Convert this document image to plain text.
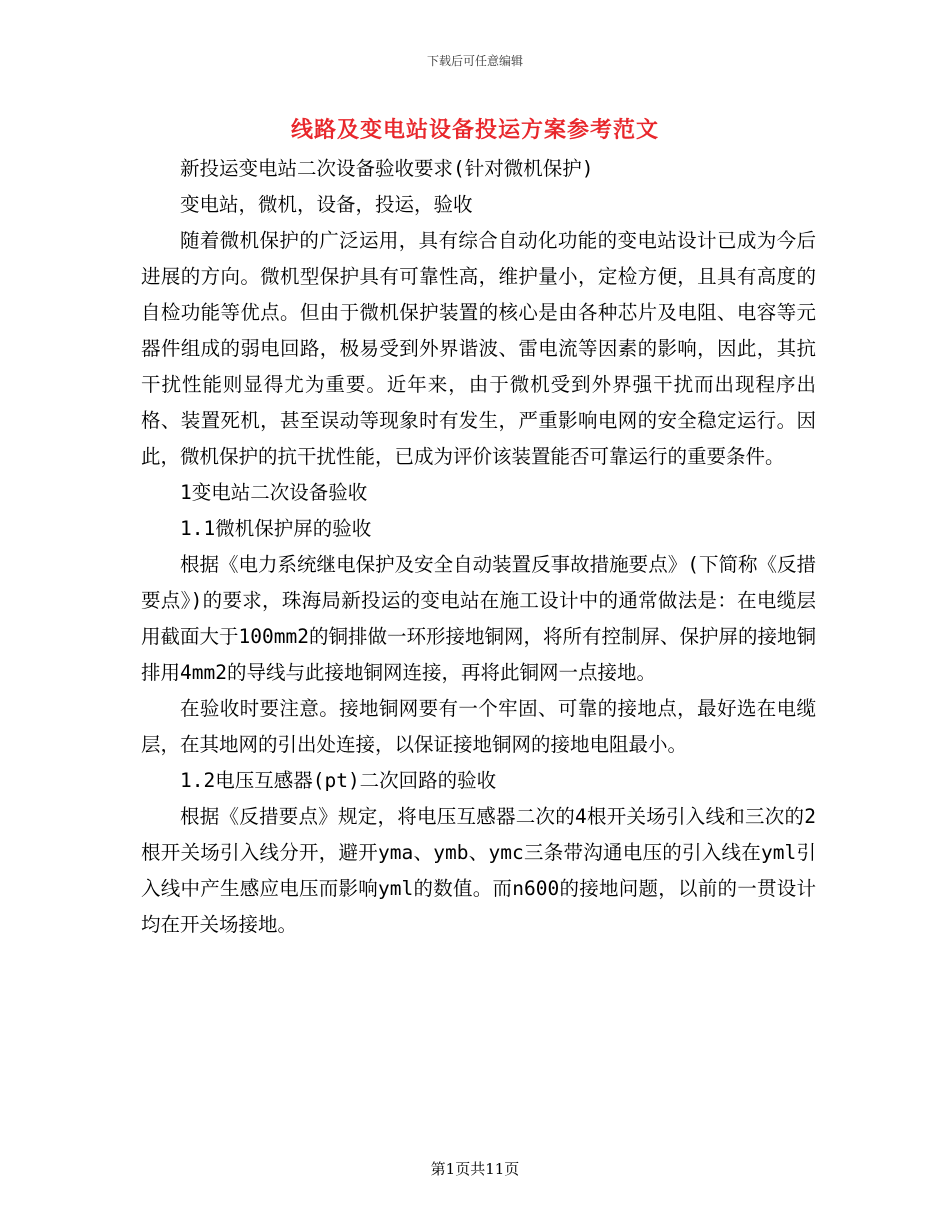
下载后可任意编辑
线路及变电站设备投运方案参考范文

新投运变电站二次设备验收要求(针对微机保护)

变电站，微机，设备，投运，验收

随着微机保护的广泛运用，具有综合自动化功能的变电站设计已成为今后进展的方向。微机型保护具有可靠性高，维护量小，定检方便，且具有高度的自检功能等优点。但由于微机保护装置的核心是由各种芯片及电阻、电容等元器件组成的弱电回路，极易受到外界谐波、雷电流等因素的影响，因此，其抗干扰性能则显得尤为重要。近年来，由于微机受到外界强干扰而出现程序出格、装置死机，甚至误动等现象时有发生，严重影响电网的安全稳定运行。因此，微机保护的抗干扰性能，已成为评价该装置能否可靠运行的重要条件。

1变电站二次设备验收

1.1微机保护屏的验收

根据《电力系统继电保护及安全自动装置反事故措施要点》(下简称《反措要点》)的要求，珠海局新投运的变电站在施工设计中的通常做法是：在电缆层用截面大于100mm2的铜排做一环形接地铜网，将所有控制屏、保护屏的接地铜排用4mm2的导线与此接地铜网连接，再将此铜网一点接地。

在验收时要注意。接地铜网要有一个牢固、可靠的接地点，最好选在电缆层，在其地网的引出处连接，以保证接地铜网的接地电阻最小。

1.2电压互感器(pt)二次回路的验收

根据《反措要点》规定，将电压互感器二次的4根开关场引入线和三次的2根开关场引入线分开，避开yma、ymb、ymc三条带沟通电压的引入线在yml引入线中产生感应电压而影响yml的数值。而n600的接地问题，以前的一贯设计均在开关场接地。

第1页共11页
